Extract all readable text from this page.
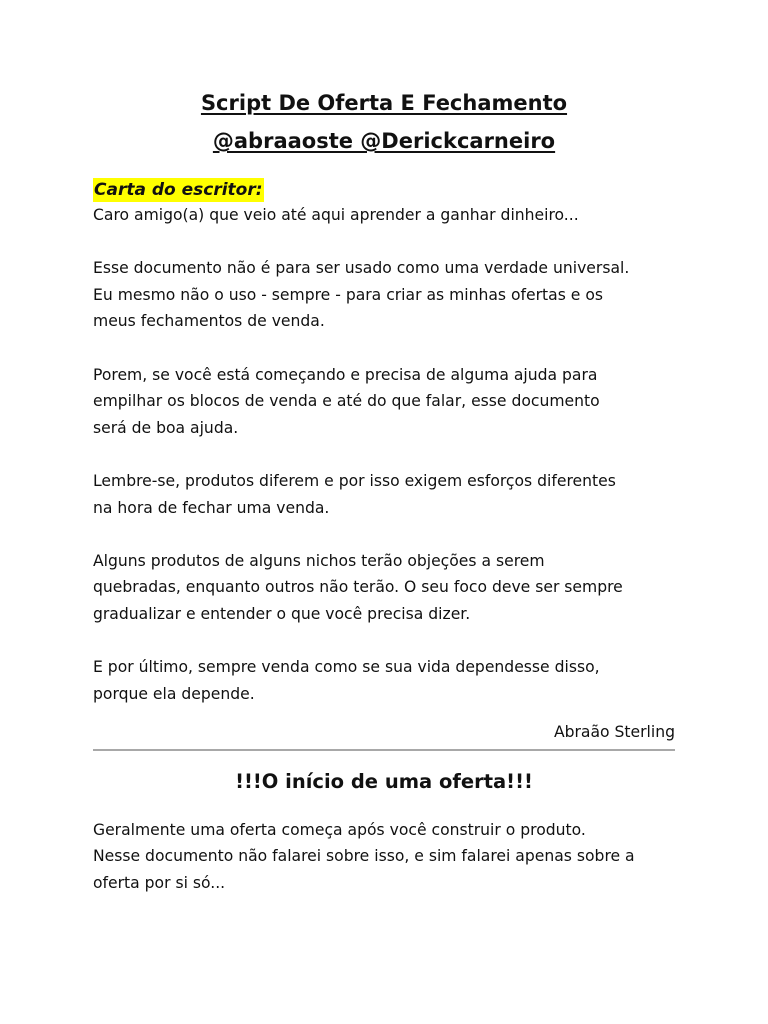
Script De Oferta E Fechamento
@abraaoste @Derickcarneiro
Carta do escritor:

Caro amigo(a) que veio até aqui aprender a ganhar dinheiro...

Esse documento não é para ser usado como uma verdade universal.

Eu mesmo não o uso - sempre - para criar as minhas ofertas e os

meus fechamentos de venda.

Porem, se você está começando e precisa de alguma ajuda para

empilhar os blocos de venda e até do que falar, esse documento

será de boa ajuda.

Lembre-se, produtos diferem e por isso exigem esforços diferentes

na hora de fechar uma venda.

Alguns produtos de alguns nichos terão objeções a serem

quebradas, enquanto outros não terão. O seu foco deve ser sempre

gradualizar e entender o que você precisa dizer.

E por último, sempre venda como se sua vida dependesse disso,

porque ela depende.

Abraão Sterling
!!!O início de uma oferta!!!

Geralmente uma oferta começa após você construir o produto.

Nesse documento não falarei sobre isso, e sim falarei apenas sobre a

oferta por si só...
